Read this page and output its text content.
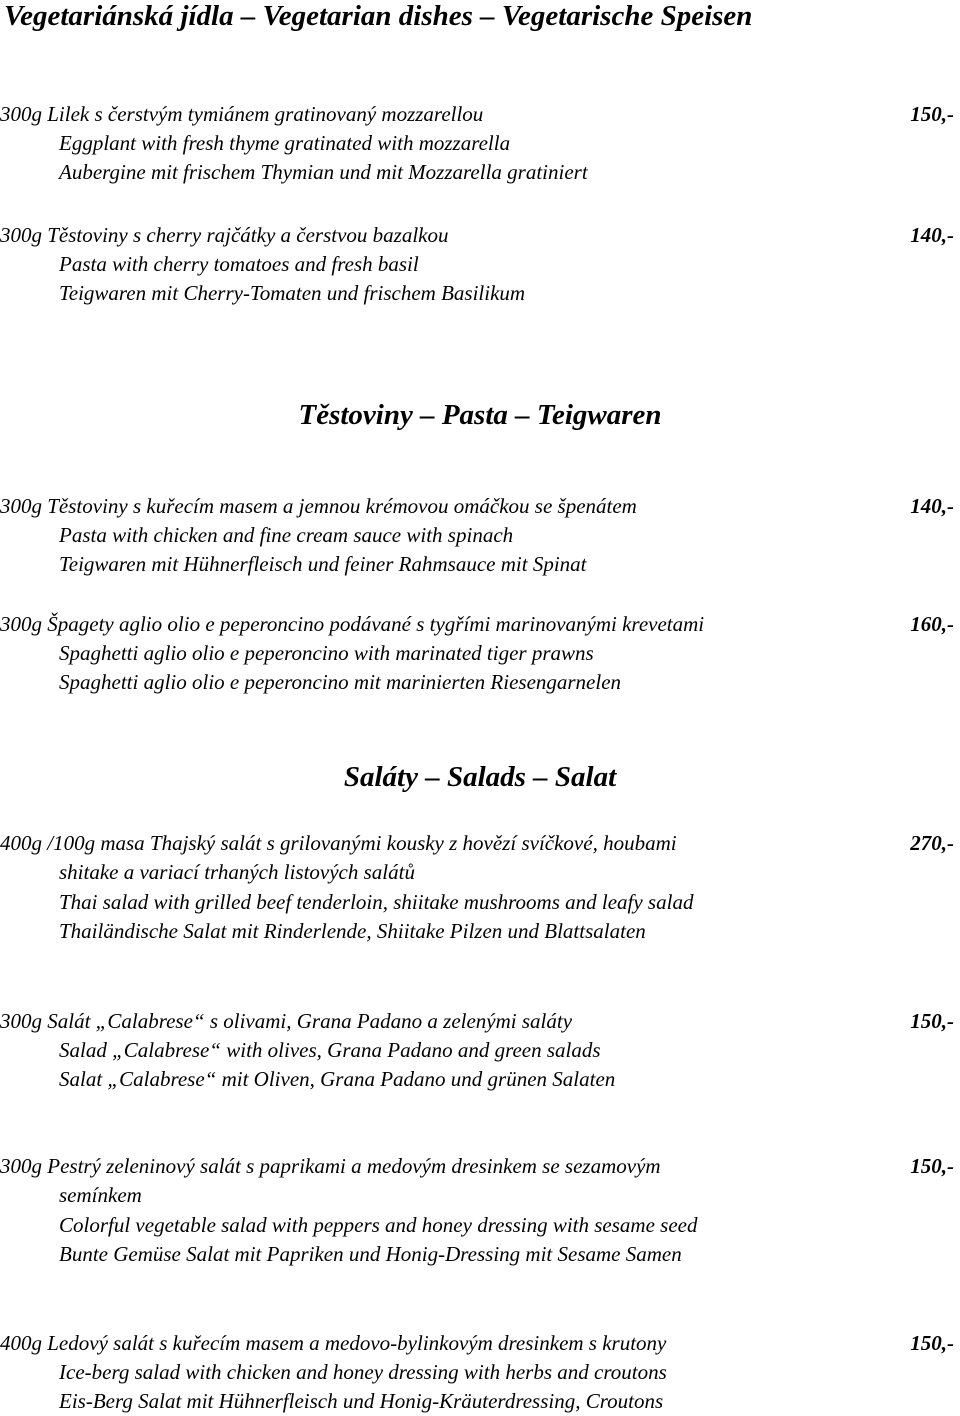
Vegetariánská jídla – Vegetarian dishes – Vegetarische Speisen
300g Lilek s čerstvým tymiánem gratinovaný mozzarellou
Eggplant with fresh thyme gratinated with mozzarella
Aubergine mit frischem Thymian und mit Mozzarella gratiniert
150,-
300g Těstoviny s cherry rajčátky a čerstvou bazalkou
Pasta with cherry tomatoes and fresh basil
Teigwaren mit Cherry-Tomaten und frischem Basilikum
140,-
Těstoviny – Pasta – Teigwaren
300g Těstoviny s kuřecím masem a jemnou krémovou omáčkou se špenátem
Pasta with chicken and fine cream sauce with spinach
Teigwaren mit Hühnerfleisch und feiner Rahmsauce mit Spinat
140,-
300g Špagety aglio olio e peperoncino podávané s tygřími marinovanými krevetami
Spaghetti aglio olio e peperoncino with marinated tiger prawns
Spaghetti aglio olio e peperoncino mit marinierten Riesengarnelen
160,-
Saláty – Salads – Salat
400g /100g masa Thajský salát s grilovanými kousky z hovězí svíčkové, houbami
shitake a variací trhaných listových salátů
Thai salad with grilled beef tenderloin, shiitake mushrooms and leafy salad
Thailändische Salat mit Rinderlende, Shiitake Pilzen und Blattsalaten
270,-
300g Salát „Calabrese“ s olivami, Grana Padano a zelenými saláty
Salad „Calabrese“ with olives, Grana Padano and green salads
Salat „Calabrese“ mit Oliven, Grana Padano und grünen Salaten
150,-
300g Pestrý zeleninový salát s paprikami a medovým dresinkem se sezamovým
semínkem
Colorful vegetable salad with peppers and honey dressing with sesame seed
Bunte Gemüse Salat mit Papriken und Honig-Dressing mit Sesame Samen
150,-
400g Ledový salát s kuřecím masem a medovo-bylinkovým dresinkem s krutony
Ice-berg salad with chicken and honey dressing with herbs and croutons
Eis-Berg Salat mit Hühnerfleisch und Honig-Kräuterdressing, Croutons
150,-
